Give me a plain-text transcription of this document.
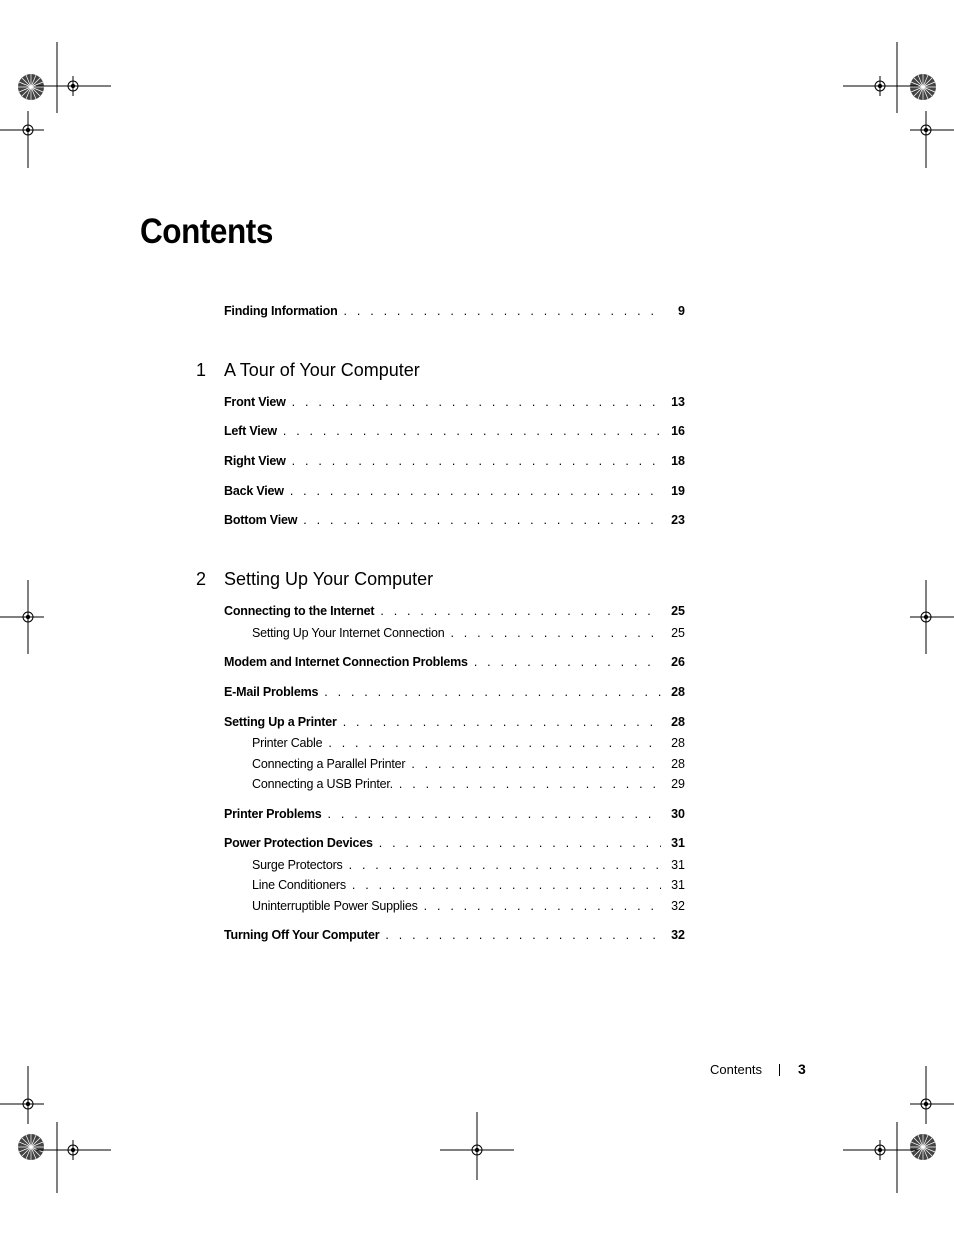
Contents
Finding Information . . .	9
1 A Tour of Your Computer
Front View . . .	13
Left View . . .	16
Right View . . .	18
Back View . . .	19
Bottom View . . .	23
2 Setting Up Your Computer
Connecting to the Internet . . .	25
Setting Up Your Internet Connection . . .	25
Modem and Internet Connection Problems . . .	26
E-Mail Problems . . .	28
Setting Up a Printer . . .	28
Printer Cable . . .	28
Connecting a Parallel Printer . . .	28
Connecting a USB Printer. . . .	29
Printer Problems . . .	30
Power Protection Devices . . .	31
Surge Protectors . . .	31
Line Conditioners . . .	31
Uninterruptible Power Supplies . . .	32
Turning Off Your Computer . . .	32
Contents	3
